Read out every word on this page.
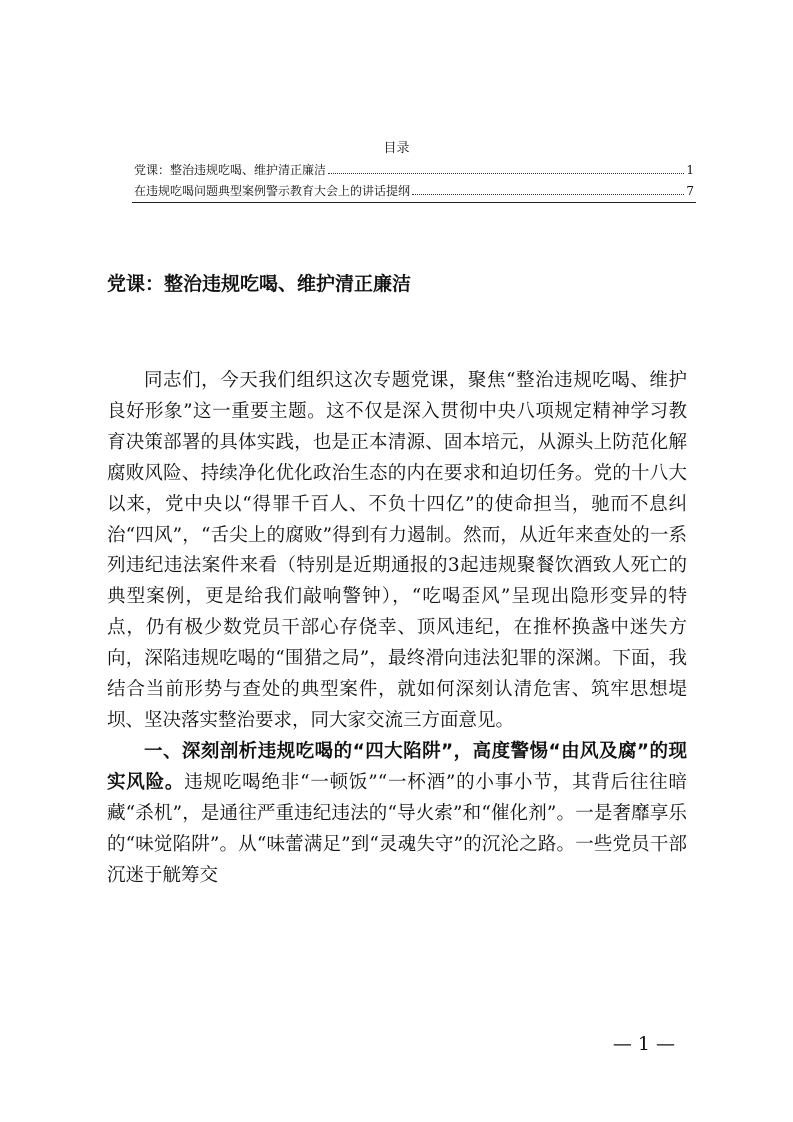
目录
党课：整治违规吃喝、维护清正廉洁	1
在违规吃喝问题典型案例警示教育大会上的讲话提纲	7
党课：整治违规吃喝、维护清正廉洁

同志们，今天我们组织这次专题党课，聚焦“整治违规吃喝、维护良好形象”这一重要主题。这不仅是深入贯彻中央八项规定精神学习教育决策部署的具体实践，也是正本清源、固本培元，从源头上防范化解腐败风险、持续净化优化政治生态的内在要求和迫切任务。党的十八大以来，党中央以“得罪千百人、不负十四亿”的使命担当，驰而不息纠治“四风”，“舌尖上的腐败”得到有力遏制。然而，从近年来查处的一系列违纪违法案件来看（特别是近期通报的3起违规聚餐饮酒致人死亡的典型案例，更是给我们敲响警钟），“吃喝歪风”呈现出隐形变异的特点，仍有极少数党员干部心存侥幸、顶风违纪，在推杯换盏中迷失方向，深陷违规吃喝的“围猎之局”，最终滑向违法犯罪的深渊。下面，我结合当前形势与查处的典型案件，就如何深刻认清危害、筑牢思想堤坝、坚决落实整治要求，同大家交流三方面意见。

一、深刻剖析违规吃喝的“四大陷阱”，高度警惕“由风及腐”的现实风险。违规吃喝绝非“一顿饭”“一杯酒”的小事小节，其背后往往暗藏“杀机”，是通往严重违纪违法的“导火索”和“催化剂”。一是奢靡享乐的“味觉陷阱”。从“味蕾满足”到“灵魂失守”的沉沦之路。一些党员干部沉迷于觥筹交

— 1 —
